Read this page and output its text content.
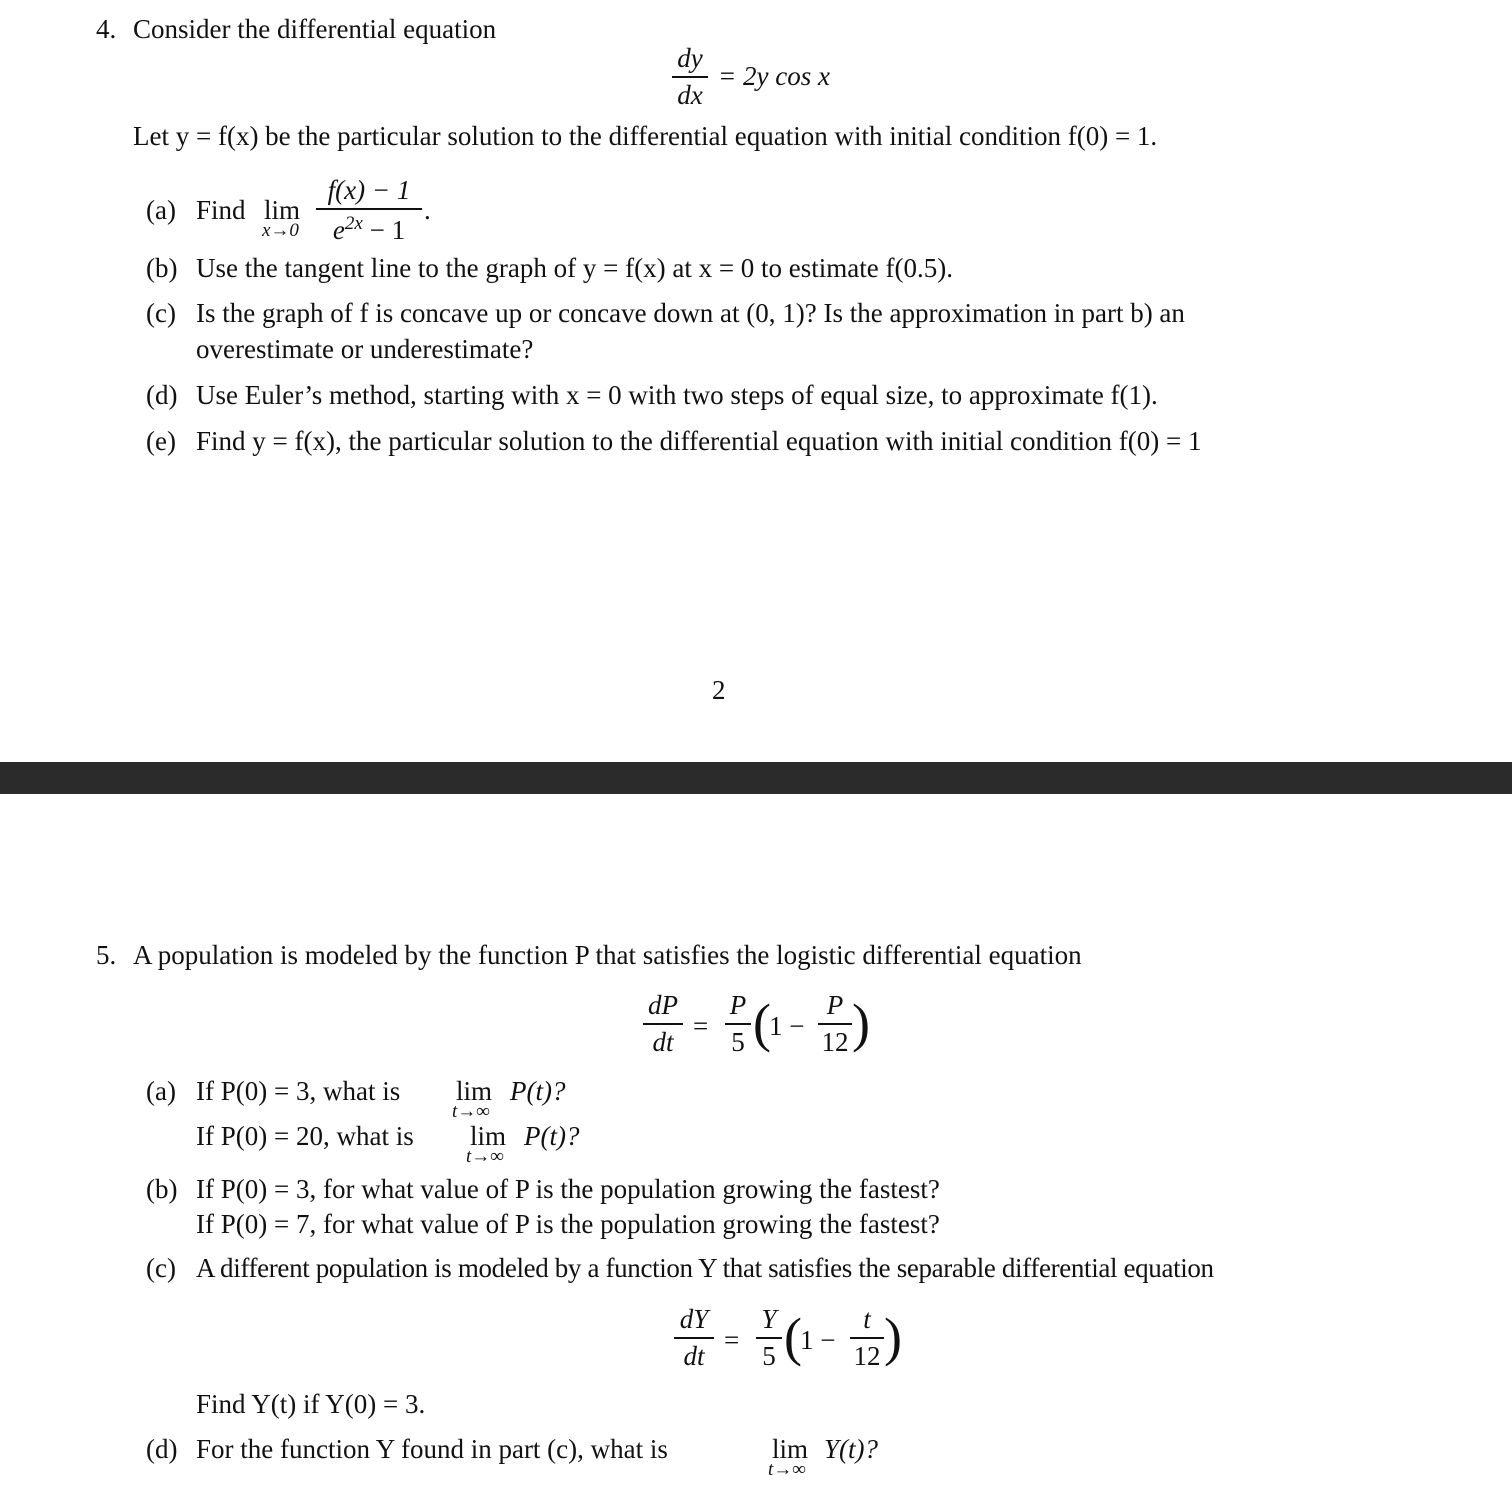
4. Consider the differential equation
dy
dx
= 2y cos x
Let y = f(x) be the particular solution to the differential equation with initial condition f(0) = 1.
(a) Find lim
x→0
f(x) − 1
$e^{2x} - 1$
.
(b) Use the tangent line to the graph of y = f(x) at x = 0 to estimate f(0.5).
(c) Is the graph of f is concave up or concave down at (0, 1)? Is the approximation in part b) an
overestimate or underestimate?
(d) Use Euler’s method, starting with x = 0 with two steps of equal size, to approximate f(1).
(e) Find y = f(x), the particular solution to the differential equation with initial condition f(0) = 1
2
5. A population is modeled by the function P that satisfies the logistic differential equation
dP
dt
=
P
5 (
1 −
P
12 )
(a) If P(0) = 3, what is lim
t→∞
P(t)?
If P(0) = 20, what is lim
t→∞
P(t)?
(b) If P(0) = 3, for what value of P is the population growing the fastest?
If P(0) = 7, for what value of P is the population growing the fastest?
(c) A different population is modeled by a function Y that satisfies the separable differential equation
dY
dt
=
Y
5 (
1 −
t
12 )
Find Y(t) if Y(0) = 3.
(d) For the function Y found in part (c), what is	lim
t→∞
Y(t)?
